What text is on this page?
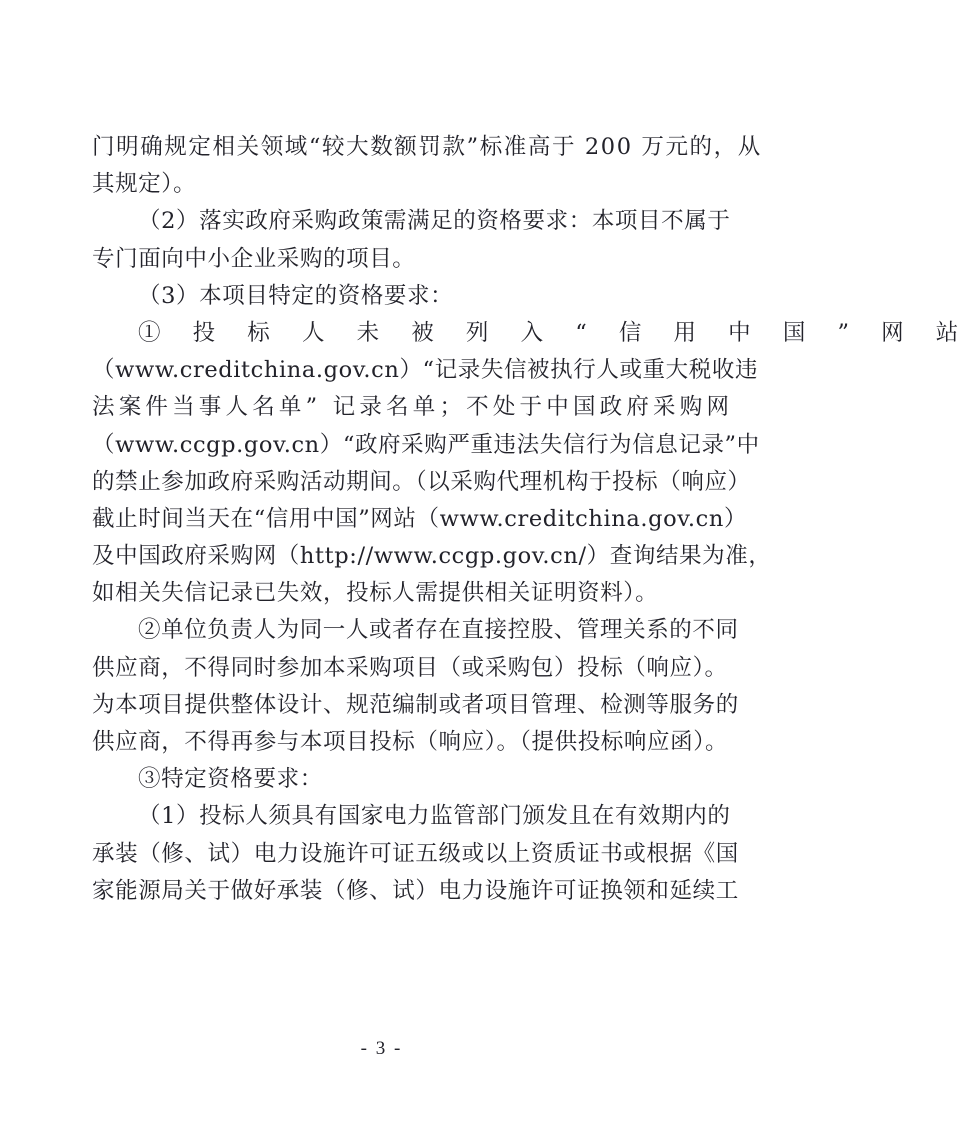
门明确规定相关领域“较大数额罚款”标准高于 200 万元的，从
其规定）。
（2）落实政府采购政策需满足的资格要求：本项目不属于
专门面向中小企业采购的项目。
（3）本项目特定的资格要求：
① 投 标 人 未 被 列 入 “ 信 用 中 国 ” 网 站
（www.creditchina.gov.cn）“记录失信被执行人或重大税收违
法案件当事人名单” 记录名单；不处于中国政府采购网
（www.ccgp.gov.cn）“政府采购严重违法失信行为信息记录”中
的禁止参加政府采购活动期间。（以采购代理机构于投标（响应）
截止时间当天在“信用中国”网站（www.creditchina.gov.cn）
及中国政府采购网（http://www.ccgp.gov.cn/）查询结果为准，
如相关失信记录已失效，投标人需提供相关证明资料）。
②单位负责人为同一人或者存在直接控股、管理关系的不同
供应商，不得同时参加本采购项目（或采购包）投标（响应）。
为本项目提供整体设计、规范编制或者项目管理、检测等服务的
供应商，不得再参与本项目投标（响应）。（提供投标响应函）。
③特定资格要求：
（1）投标人须具有国家电力监管部门颁发且在有效期内的
承装（修、试）电力设施许可证五级或以上资质证书或根据《国
家能源局关于做好承装（修、试）电力设施许可证换领和延续工
- 3 -
